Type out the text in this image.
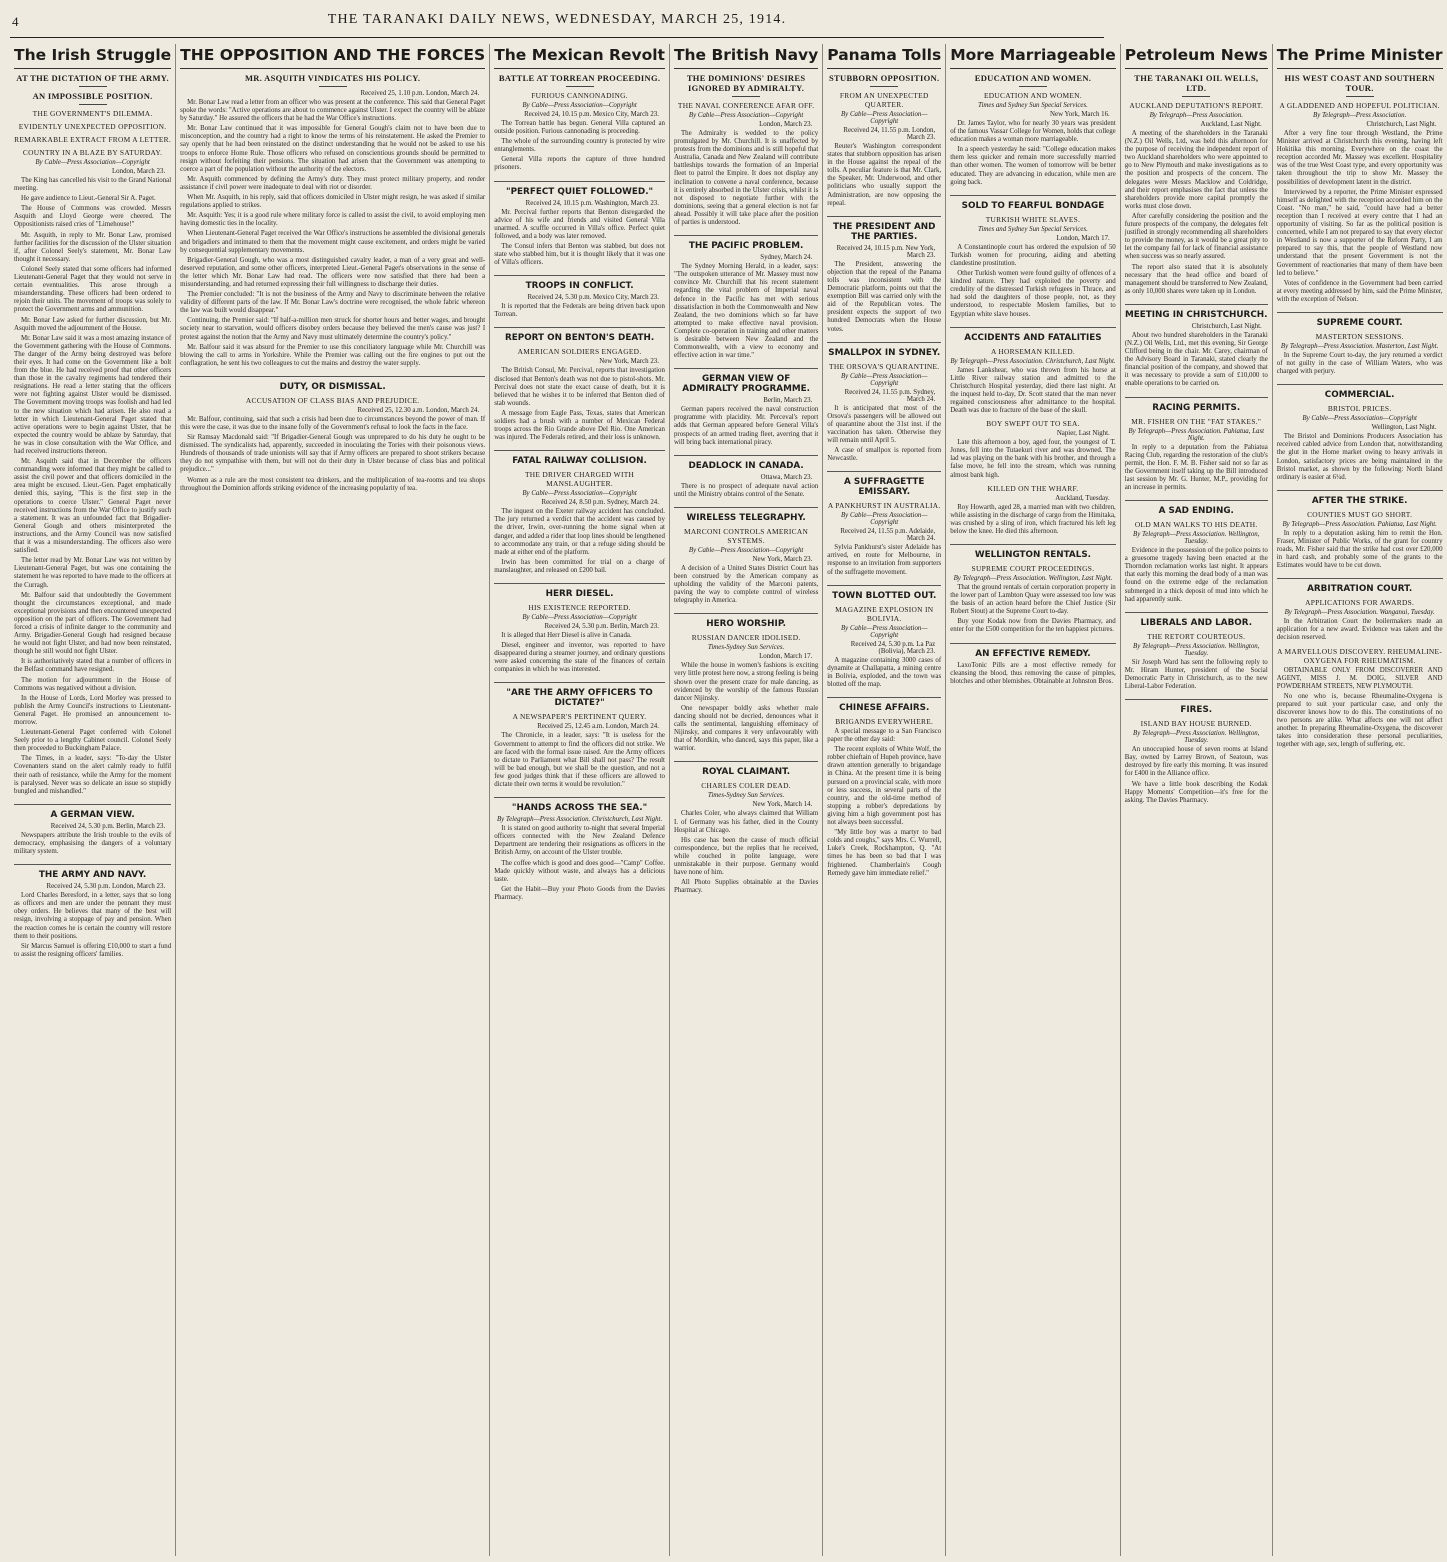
4	THE TARANAKI DAILY NEWS, WEDNESDAY, MARCH 25, 1914.
The Irish Struggle
AT THE DICTATION OF THE ARMY.
AN IMPOSSIBLE POSITION.
THE GOVERNMENT'S DILEMMA.
EVIDENTLY UNEXPECTED OPPOSITION.
REMARKABLE EXTRACT FROM A LETTER.
COUNTRY IN A BLAZE BY SATURDAY.
By Cable—Press Association—Copyright
London, March 23.
The King has cancelled his visit to the Grand National meeting.
He gave audience to Lieut.-General Sir A. Paget.
The House of Commons was crowded. Messrs Asquith and Lloyd George were cheered. The Oppositionists raised cries of "Limehouse!"
Mr. Asquith, in reply to Mr. Bonar Law, promised further facilities for the discussion of the Ulster situation if, after Colonel Seely's statement, Mr. Bonar Law thought it necessary.
Colonel Seely stated that some officers had informed Lieutenant-General Paget that they would not serve in certain eventualities. This arose through a misunderstanding. These officers had been ordered to rejoin their units. The movement of troops was solely to protect the Government arms and ammunition.
Mr. Bonar Law asked for further discussion, but Mr. Asquith moved the adjournment of the House.
Mr. Bonar Law said it was a most amazing instance of the Government gathering with the House of Commons. The danger of the Army being destroyed was before their eyes. It had come on the Government like a bolt from the blue. He had received proof that other officers than those in the cavalry regiments had tendered their resignations. He read a letter stating that the officers were not fighting against Ulster would be dismissed. The Government moving troops was foolish and had led to the new situation which had arisen. He also read a letter in which Lieutenant-General Paget stated that active operations were to begin against Ulster, that he expected the country would be ablaze by Saturday, that he was in close consultation with the War Office, and had received instructions thereon.
Mr. Asquith said that in December the officers commanding were informed that they might be called to assist the civil power and that officers domiciled in the area might be excused. Lieut.-Gen. Paget emphatically denied this, saying, "This is the first step in the operations to coerce Ulster." General Paget never received instructions from the War Office to justify such a statement. It was an unfounded fact that Brigadier-General Gough and others misinterpreted the instructions, and the Army Council was now satisfied that it was a misunderstanding. The officers also were satisfied.
The letter read by Mr. Bonar Law was not written by Lieutenant-General Paget, but was one containing the statement he was reported to have made to the officers at the Curragh.
Mr. Balfour said that undoubtedly the Government thought the circumstances exceptional, and made exceptional provisions and then encountered unexpected opposition on the part of officers. The Government had forced a crisis of infinite danger to the community and Army. Brigadier-General Gough had resigned because he would not fight Ulster, and had now been reinstated, though he still would not fight Ulster.
It is authoritatively stated that a number of officers in the Belfast command have resigned.
The motion for adjournment in the House of Commons was negatived without a division.
In the House of Lords, Lord Morley was pressed to publish the Army Council's instructions to Lieutenant-General Paget. He promised an announcement to-morrow.
Lieutenant-General Paget conferred with Colonel Seely prior to a lengthy Cabinet council. Colonel Seely then proceeded to Buckingham Palace.
The Times, in a leader, says: "To-day the Ulster Covenanters stand on the alert calmly ready to fulfil their oath of resistance, while the Army for the moment is paralysed. Never was so delicate an issue so stupidly bungled and mishandled."
A GERMAN VIEW.
Received 24, 5.30 p.m. Berlin, March 23.
Newspapers attribute the Irish trouble to the evils of democracy, emphasising the dangers of a voluntary military system.
THE ARMY AND NAVY.
Received 24, 5.30 p.m. London, March 23.
Lord Charles Beresford, in a letter, says that so long as officers and men are under the pennant they must obey orders. He believes that many of the best will resign, involving a stoppage of pay and pension. When the reaction comes he is certain the country will restore them to their positions.
Sir Marcus Samuel is offering £10,000 to start a fund to assist the resigning officers' families.
THE OPPOSITION AND THE FORCES
MR. ASQUITH VINDICATES HIS POLICY.
Received 25, 1.10 p.m. London, March 24.
Mr. Bonar Law read a letter from an officer who was present at the conference. This said that General Paget spoke the words: "Active operations are about to commence against Ulster. I expect the country will be ablaze by Saturday." He assured the officers that he had the War Office's instructions.
Mr. Bonar Law continued that it was impossible for General Gough's claim not to have been due to misconception, and the country had a right to know the terms of his reinstatement. He asked the Premier to say openly that he had been reinstated on the distinct understanding that he would not be asked to use his troops to enforce Home Rule. Those officers who refused on conscientious grounds should be permitted to resign without forfeiting their pensions. The situation had arisen that the Government was attempting to coerce a part of the population without the authority of the electors.
Mr. Asquith commenced by defining the Army's duty. They must protect military property, and render assistance if civil power were inadequate to deal with riot or disorder.
When Mr. Asquith, in his reply, said that officers domiciled in Ulster might resign, he was asked if similar regulations applied to strikes.
Mr. Asquith: Yes; it is a good rule where military force is called to assist the civil, to avoid employing men having domestic ties in the locality.
When Lieutenant-General Paget received the War Office's instructions he assembled the divisional generals and brigadiers and intimated to them that the movement might cause excitement, and orders might be varied by consequential supplementary movements.
Brigadier-General Gough, who was a most distinguished cavalry leader, a man of a very great and well-deserved reputation, and some other officers, interpreted Lieut.-General Paget's observations in the sense of the letter which Mr. Bonar Law had read. The officers were now satisfied that there had been a misunderstanding, and had returned expressing their full willingness to discharge their duties.
The Premier concluded: "It is not the business of the Army and Navy to discriminate between the relative validity of different parts of the law. If Mr. Bonar Law's doctrine were recognised, the whole fabric whereon the law was built would disappear."
Continuing, the Premier said: "If half-a-million men struck for shorter hours and better wages, and brought society near to starvation, would officers disobey orders because they believed the men's cause was just? I protest against the notion that the Army and Navy must ultimately determine the country's policy."
Mr. Balfour said it was absurd for the Premier to use this conciliatory language while Mr. Churchill was blowing the call to arms in Yorkshire. While the Premier was calling out the fire engines to put out the conflagration, he sent his two colleagues to cut the mains and destroy the water supply.
DUTY, OR DISMISSAL.
ACCUSATION OF CLASS BIAS AND PREJUDICE.
Received 25, 12.30 a.m. London, March 24.
Mr. Balfour, continuing, said that such a crisis had been due to circumstances beyond the power of man. If this were the case, it was due to the insane folly of the Government's refusal to look the facts in the face.
Sir Ramsay Macdonald said: "If Brigadier-General Gough was unprepared to do his duty he ought to be dismissed. The syndicalists had, apparently, succeeded in inoculating the Tories with their poisonous views. Hundreds of thousands of trade unionists will say that if Army officers are prepared to shoot strikers because they do not sympathise with them, but will not do their duty in Ulster because of class bias and political prejudice..."
Women as a rule are the most consistent tea drinkers, and the multiplication of tea-rooms and tea shops throughout the Dominion affords striking evidence of the increasing popularity of tea.
The Mexican Revolt
BATTLE AT TORREAN PROCEEDING.
FURIOUS CANNONADING.
By Cable—Press Association—Copyright
Received 24, 10.15 p.m. Mexico City, March 23.
The Torrean battle has begun. General Villa captured an outside position. Furious cannonading is proceeding.
The whole of the surrounding country is protected by wire entanglements.
General Villa reports the capture of three hundred prisoners.
"PERFECT QUIET FOLLOWED."
Received 24, 10.15 p.m. Washington, March 23.
Mr. Percival further reports that Benton disregarded the advice of his wife and friends and visited General Villa unarmed. A scuffle occurred in Villa's office. Perfect quiet followed, and a body was later removed.
The Consul infers that Benton was stabbed, but does not state who stabbed him, but it is thought likely that it was one of Villa's officers.
TROOPS IN CONFLICT.
Received 24, 5.30 p.m. Mexico City, March 23.
It is reported that the Federals are being driven back upon Torrean.
REPORT ON BENTON'S DEATH.
AMERICAN SOLDIERS ENGAGED.
New York, March 23.
The British Consul, Mr. Percival, reports that investigation disclosed that Benton's death was not due to pistol-shots. Mr. Percival does not state the exact cause of death, but it is believed that he wishes it to be inferred that Benton died of stab wounds.
A message from Eagle Pass, Texas, states that American soldiers had a brush with a number of Mexican Federal troops across the Rio Grande above Del Rio. One American was injured. The Federals retired, and their loss is unknown.
FATAL RAILWAY COLLISION.
THE DRIVER CHARGED WITH MANSLAUGHTER.
By Cable—Press Association—Copyright
Received 24, 8.50 p.m. Sydney, March 24.
The inquest on the Exeter railway accident has concluded. The jury returned a verdict that the accident was caused by the driver, Irwin, over-running the home signal when at danger, and added a rider that loop lines should be lengthened to accommodate any train, or that a refuge siding should be made at either end of the platform.
Irwin has been committed for trial on a charge of manslaughter, and released on £200 bail.
HERR DIESEL.
HIS EXISTENCE REPORTED.
By Cable—Press Association—Copyright
Received 24, 5.30 p.m. Berlin, March 23.
It is alleged that Herr Diesel is alive in Canada.
Diesel, engineer and inventor, was reported to have disappeared during a steamer journey, and ordinary questions were asked concerning the state of the finances of certain companies in which he was interested.
"ARE THE ARMY OFFICERS TO DICTATE?"
A NEWSPAPER'S PERTINENT QUERY.
Received 25, 12.45 a.m. London, March 24.
The Chronicle, in a leader, says: "It is useless for the Government to attempt to find the officers did not strike. We are faced with the formal issue raised. Are the Army officers to dictate to Parliament what Bill shall not pass? The result will be bad enough, but we shall be the question, and not a few good judges think that if these officers are allowed to dictate their own terms it would be revolution."
"HANDS ACROSS THE SEA."
By Telegraph—Press Association. Christchurch, Last Night.
It is stated on good authority to-night that several Imperial officers connected with the New Zealand Defence Department are tendering their resignations as officers in the British Army, on account of the Ulster trouble.
The coffee which is good and does good—"Camp" Coffee. Made quickly without waste, and always has a delicious taste.
Get the Habit—Buy your Photo Goods from the Davies Pharmacy.
The British Navy
THE DOMINIONS' DESIRES IGNORED BY ADMIRALTY.
THE NAVAL CONFERENCE AFAR OFF.
By Cable—Press Association—Copyright
London, March 23.
The Admiralty is wedded to the policy promulgated by Mr. Churchill. It is unaffected by protests from the dominions and is still hopeful that Australia, Canada and New Zealand will contribute battleships towards the formation of an Imperial fleet to patrol the Empire. It does not display any inclination to convene a naval conference, because it is entirely absorbed in the Ulster crisis, whilst it is not disposed to negotiate further with the dominions, seeing that a general election is not far ahead. Possibly it will take place after the position of parties is understood.
THE PACIFIC PROBLEM.
Sydney, March 24.
The Sydney Morning Herald, in a leader, says: "The outspoken utterance of Mr. Massey must now convince Mr. Churchill that his recent statement regarding the vital problem of Imperial naval defence in the Pacific has met with serious dissatisfaction in both the Commonwealth and New Zealand, the two dominions which so far have attempted to make effective naval provision. Complete co-operation in training and other matters is desirable between New Zealand and the Commonwealth, with a view to economy and effective action in war time."
GERMAN VIEW OF ADMIRALTY PROGRAMME.
Berlin, March 23.
German papers received the naval construction programme with placidity. Mr. Perceval's report adds that German appeared before General Villa's prospects of an armed trading fleet, averring that it will bring back international piracy.
DEADLOCK IN CANADA.
Ottawa, March 23.
There is no prospect of adequate naval action until the Ministry obtains control of the Senate.
WIRELESS TELEGRAPHY.
MARCONI CONTROLS AMERICAN SYSTEMS.
By Cable—Press Association—Copyright
New York, March 23.
A decision of a United States District Court has been construed by the American company as upholding the validity of the Marconi patents, paving the way to complete control of wireless telegraphy in America.
HERO WORSHIP.
RUSSIAN DANCER IDOLISED.
Times-Sydney Sun Services.
London, March 17.
While the house in women's fashions is exciting very little protest here now, a strong feeling is being shown over the present craze for male dancing, as evidenced by the worship of the famous Russian dancer Nijinsky.
One newspaper boldly asks whether male dancing should not be decried, denounces what it calls the sentimental, languishing effeminacy of Nijinsky, and compares it very unfavourably with that of Mordkin, who danced, says this paper, like a warrior.
ROYAL CLAIMANT.
CHARLES COLER DEAD.
Times-Sydney Sun Services.
New York, March 14.
Charles Coler, who always claimed that William I. of Germany was his father, died in the County Hospital at Chicago.
His case has been the cause of much official correspondence, but the replies that he received, while couched in polite language, were unmistakable in their purpose. Germany would have none of him.
All Photo Supplies obtainable at the Davies Pharmacy.
Panama Tolls
STUBBORN OPPOSITION.
FROM AN UNEXPECTED QUARTER.
By Cable—Press Association—Copyright
Received 24, 11.55 p.m. London, March 23.
Reuter's Washington correspondent states that stubborn opposition has arisen in the House against the repeal of the tolls. A peculiar feature is that Mr. Clark, the Speaker, Mr. Underwood, and other politicians who usually support the Administration, are now opposing the repeal.
THE PRESIDENT AND THE PARTIES.
Received 24, 10.15 p.m. New York, March 23.
The President, answering the objection that the repeal of the Panama tolls was inconsistent with the Democratic platform, points out that the exemption Bill was carried only with the aid of the Republican votes. The president expects the support of two hundred Democrats when the House votes.
SMALLPOX IN SYDNEY.
THE ORSOVA'S QUARANTINE.
By Cable—Press Association—Copyright
Received 24, 11.55 p.m. Sydney, March 24.
It is anticipated that most of the Orsova's passengers will be allowed out of quarantine about the 31st inst. if the vaccination has taken. Otherwise they will remain until April 5.
A case of smallpox is reported from Newcastle.
A SUFFRAGETTE EMISSARY.
A PANKHURST IN AUSTRALIA.
By Cable—Press Association—Copyright
Received 24, 11.55 p.m. Adelaide, March 24.
Sylvia Pankhurst's sister Adelaide has arrived, en route for Melbourne, in response to an invitation from supporters of the suffragette movement.
TOWN BLOTTED OUT.
MAGAZINE EXPLOSION IN BOLIVIA.
By Cable—Press Association—Copyright
Received 24, 5.30 p.m. La Paz (Bolivia), March 23.
A magazine containing 3000 cases of dynamite at Challapatta, a mining centre in Bolivia, exploded, and the town was blotted off the map.
CHINESE AFFAIRS.
BRIGANDS EVERYWHERE.
A special message to a San Francisco paper the other day said:
The recent exploits of White Wolf, the robber chieftain of Hupeh province, have drawn attention generally to brigandage in China. At the present time it is being pursued on a provincial scale, with more or less success, in several parts of the country, and the old-time method of stopping a robber's depredations by giving him a high government post has not always been successful.
"My little boy was a martyr to bad colds and coughs," says Mrs. C. Wurrell, Luke's Creek, Rockhampton, Q. "At times he has been so bad that I was frightened. Chamberlain's Cough Remedy gave him immediate relief."
More Marriageable
EDUCATION AND WOMEN.
EDUCATION AND WOMEN.
Times and Sydney Sun Special Services.
New York, March 16.
Dr. James Taylor, who for nearly 30 years was president of the famous Vassar College for Women, holds that college education makes a woman more marriageable.
In a speech yesterday he said: "College education makes them less quicker and remain more successfully married than other women. The women of tomorrow will be better educated. They are advancing in education, while men are going back.
SOLD TO FEARFUL BONDAGE
TURKISH WHITE SLAVES.
Times and Sydney Sun Special Services.
London, March 17.
A Constantinople court has ordered the expulsion of 50 Turkish women for procuring, aiding and abetting clandestine prostitution.
Other Turkish women were found guilty of offences of a kindred nature. They had exploited the poverty and credulity of the distressed Turkish refugees in Thrace, and had sold the daughters of those people, not, as they understood, to respectable Moslem families, but to Egyptian white slave houses.
ACCIDENTS AND FATALITIES
A HORSEMAN KILLED.
By Telegraph—Press Association. Christchurch, Last Night.
James Lankshear, who was thrown from his horse at Little River railway station and admitted to the Christchurch Hospital yesterday, died there last night. At the inquest held to-day, Dr. Scott stated that the man never regained consciousness after admittance to the hospital. Death was due to fracture of the base of the skull.
BOY SWEPT OUT TO SEA.
Napier, Last Night.
Late this afternoon a boy, aged four, the youngest of T. Jones, fell into the Tutaekuri river and was drowned. The lad was playing on the bank with his brother, and through a false move, he fell into the stream, which was running almost bank high.
KILLED ON THE WHARF.
Auckland, Tuesday.
Roy Howarth, aged 28, a married man with two children, while assisting in the discharge of cargo from the Himitaka, was crushed by a sling of iron, which fractured his left leg below the knee. He died this afternoon.
WELLINGTON RENTALS.
SUPREME COURT PROCEEDINGS.
By Telegraph—Press Association. Wellington, Last Night.
That the ground rentals of certain corporation property in the lower part of Lambton Quay were assessed too low was the basis of an action heard before the Chief Justice (Sir Robert Stout) at the Supreme Court to-day.
Buy your Kodak now from the Davies Pharmacy, and enter for the £500 competition for the ten happiest pictures.
AN EFFECTIVE REMEDY.
LaxoTonic Pills are a most effective remedy for cleansing the blood, thus removing the cause of pimples, blotches and other blemishes. Obtainable at Johnston Bros.
Petroleum News
THE TARANAKI OIL WELLS, LTD.
AUCKLAND DEPUTATION'S REPORT.
By Telegraph—Press Association.
Auckland, Last Night.
A meeting of the shareholders in the Taranaki (N.Z.) Oil Wells, Ltd, was held this afternoon for the purpose of receiving the independent report of two Auckland shareholders who were appointed to go to New Plymouth and make investigations as to the position and prospects of the concern. The delegates were Messrs Macklow and Coldridge, and their report emphasises the fact that unless the shareholders provide more capital promptly the works must close down.
After carefully considering the position and the future prospects of the company, the delegates felt justified in strongly recommending all shareholders to provide the money, as it would be a great pity to let the company fail for lack of financial assistance when success was so nearly assured.
The report also stated that it is absolutely necessary that the head office and board of management should be transferred to New Zealand, as only 10,000 shares were taken up in London.
MEETING IN CHRISTCHURCH.
Christchurch, Last Night.
About two hundred shareholders in the Taranaki (N.Z.) Oil Wells, Ltd., met this evening, Sir George Clifford being in the chair. Mr. Carey, chairman of the Advisory Board in Taranaki, stated clearly the financial position of the company, and showed that it was necessary to provide a sum of £10,000 to enable operations to be carried on.
RACING PERMITS.
MR. FISHER ON THE "FAT STAKES."
By Telegraph—Press Association. Pahiatua, Last Night.
In reply to a deputation from the Pahiatua Racing Club, regarding the restoration of the club's permit, the Hon. F. M. B. Fisher said not so far as the Government itself taking up the Bill introduced last session by Mr. G. Hunter, M.P., providing for an increase in permits.
A SAD ENDING.
OLD MAN WALKS TO HIS DEATH.
By Telegraph—Press Association. Wellington, Tuesday.
Evidence in the possession of the police points to a gruesome tragedy having been enacted at the Thorndon reclamation works last night. It appears that early this morning the dead body of a man was found on the extreme edge of the reclamation submerged in a thick deposit of mud into which he had apparently sunk.
LIBERALS AND LABOR.
THE RETORT COURTEOUS.
By Telegraph—Press Association. Wellington, Tuesday.
Sir Joseph Ward has sent the following reply to Mr. Hiram Hunter, president of the Social Democratic Party in Christchurch, as to the new Liberal-Labor Federation.
FIRES.
ISLAND BAY HOUSE BURNED.
By Telegraph—Press Association. Wellington, Tuesday.
An unoccupied house of seven rooms at Island Bay, owned by Larrey Brown, of Seatoun, was destroyed by fire early this morning. It was insured for £400 in the Alliance office.
We have a little book describing the Kodak Happy Moments' Competition—it's free for the asking. The Davies Pharmacy.
The Prime Minister
HIS WEST COAST AND SOUTHERN TOUR.
A GLADDENED AND HOPEFUL POLITICIAN.
By Telegraph—Press Association.
Christchurch, Last Night.
After a very fine tour through Westland, the Prime Minister arrived at Christchurch this evening, having left Hokitika this morning. Everywhere on the coast the reception accorded Mr. Massey was excellent. Hospitality was of the true West Coast type, and every opportunity was taken throughout the trip to show Mr. Massey the possibilities of development latent in the district.
Interviewed by a reporter, the Prime Minister expressed himself as delighted with the reception accorded him on the Coast. "No man," he said, "could have had a better reception than I received at every centre that I had an opportunity of visiting. So far as the political position is concerned, while I am not prepared to say that every elector in Westland is now a supporter of the Reform Party, I am prepared to say this, that the people of Westland now understand that the present Government is not the Government of reactionaries that many of them have been led to believe."
Votes of confidence in the Government had been carried at every meeting addressed by him, said the Prime Minister, with the exception of Nelson.
SUPREME COURT.
MASTERTON SESSIONS.
By Telegraph—Press Association. Masterton, Last Night.
In the Supreme Court to-day, the jury returned a verdict of not guilty in the case of William Waters, who was charged with perjury.
COMMERCIAL.
BRISTOL PRICES.
By Cable—Press Association—Copyright
Wellington, Last Night.
The Bristol and Dominions Producers Association has received cabled advice from London that, notwithstanding the glut in the Home market owing to heavy arrivals in London, satisfactory prices are being maintained in the Bristol market, as shown by the following: North Island ordinary is easier at 6¼d.
AFTER THE STRIKE.
COUNTIES MUST GO SHORT.
By Telegraph—Press Association. Pahiatua, Last Night.
In reply to a deputation asking him to remit the Hon. Fraser, Minister of Public Works, of the grant for country roads, Mr. Fisher said that the strike had cost over £20,000 in hard cash, and probably some of the grants to the Estimates would have to be cut down.
ARBITRATION COURT.
APPLICATIONS FOR AWARDS.
By Telegraph—Press Association. Wanganui, Tuesday.
In the Arbitration Court the boilermakers made an application for a new award. Evidence was taken and the decision reserved.
A MARVELLOUS DISCOVERY. RHEUMALINE-OXYGENA FOR RHEUMATISM.
OBTAINABLE ONLY FROM DISCOVERER AND AGENT, MISS J. M. DOIG, SILVER AND POWDERHAM STREETS, NEW PLYMOUTH.
No one who is, because Rheumaline-Oxygena is prepared to suit your particular case, and only the discoverer knows how to do this. The constitutions of no two persons are alike. What affects one will not affect another. In preparing Rheumaline-Oxygena, the discoverer takes into consideration these personal peculiarities, together with age, sex, length of suffering, etc.
